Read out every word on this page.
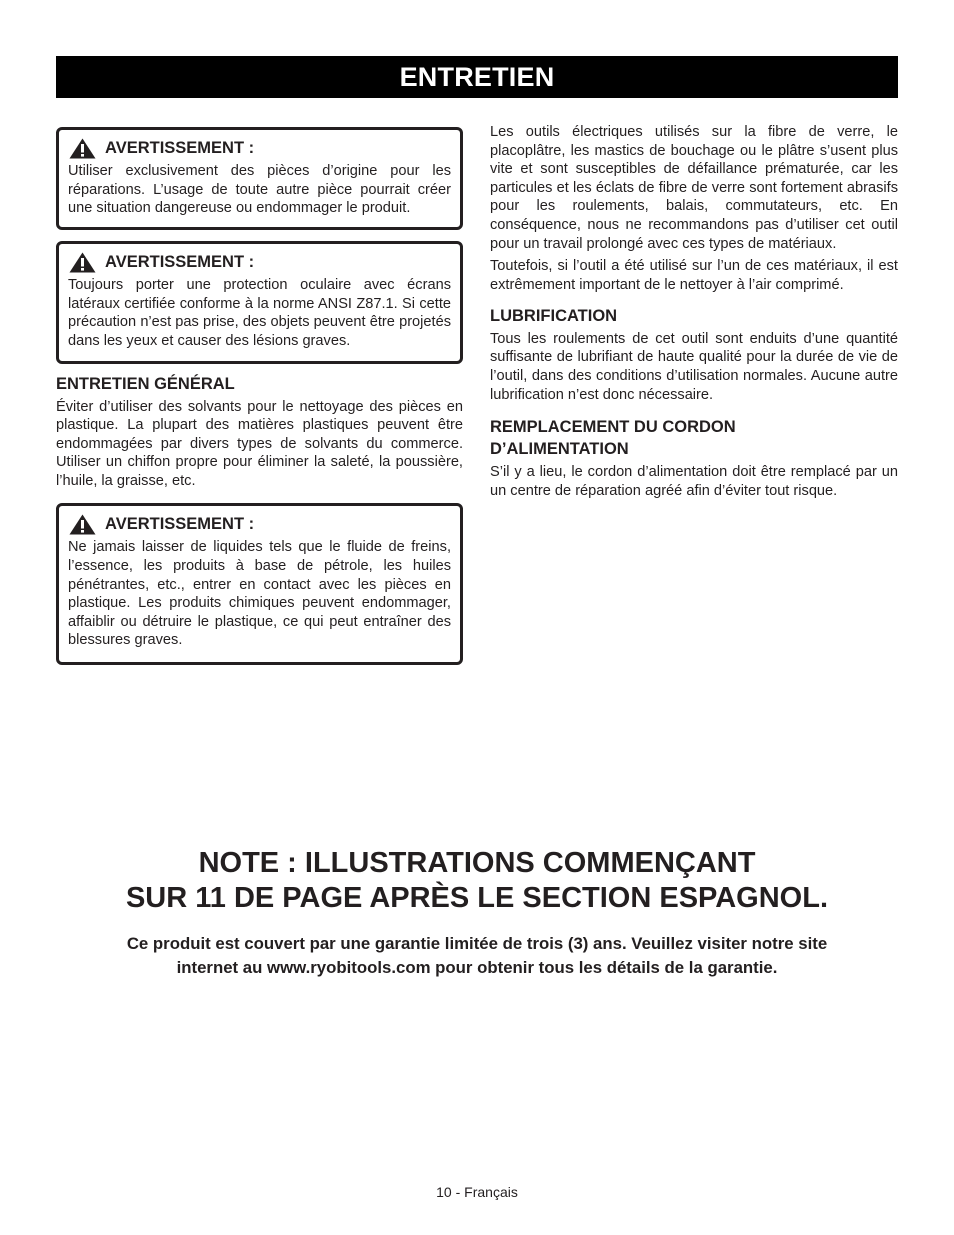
ENTRETIEN
AVERTISSEMENT :

Utiliser exclusivement des pièces d’origine pour les réparations. L’usage de toute autre pièce pourrait créer une situation dangereuse ou endommager le produit.

AVERTISSEMENT :

Toujours porter une protection oculaire avec écrans latéraux certifiée conforme à la norme ANSI Z87.1. Si cette précaution n’est pas prise, des objets peuvent être projetés dans les yeux et causer des lésions graves.

ENTRETIEN GÉNÉRAL

Éviter d’utiliser des solvants pour le nettoyage des pièces en plastique. La plupart des matières plastiques peuvent être endommagées par divers types de solvants du commerce. Utiliser un chiffon propre pour éliminer la saleté, la poussière, l’huile, la graisse, etc.

AVERTISSEMENT :

Ne jamais laisser de liquides tels que le fluide de freins, l’essence, les produits à base de pétrole, les huiles pénétrantes, etc., entrer en contact avec les pièces en plastique. Les produits chimiques peuvent endommager, affaiblir ou détruire le plastique, ce qui peut entraîner des blessures graves.

Les outils électriques utilisés sur la fibre de verre, le placoplâtre, les mastics de bouchage ou le plâtre s’usent plus vite et sont susceptibles de défaillance prématurée, car les particules et les éclats de fibre de verre sont fortement abrasifs pour les roulements, balais, commutateurs, etc. En conséquence, nous ne recommandons pas d’utiliser cet outil pour un travail prolongé avec ces types de matériaux.

Toutefois, si l’outil a été utilisé sur l’un de ces matériaux, il est extrêmement important de le nettoyer à l’air comprimé.

LUBRIFICATION

Tous les roulements de cet outil sont enduits d’une quantité suffisante de lubrifiant de haute qualité pour la durée de vie de l’outil, dans des conditions d’utilisation normales. Aucune autre lubrification n’est donc nécessaire.

REMPLACEMENT DU CORDON
D’ALIMENTATION

S’il y a lieu, le cordon d’alimentation doit être remplacé par un un centre de réparation agréé afin d’éviter tout risque.

NOTE : ILLUSTRATIONS COMMENÇANT
SUR 11 DE PAGE APRÈS LE SECTION ESPAGNOL.
Ce produit est couvert par une garantie limitée de trois (3) ans. Veuillez visiter notre site
internet au www.ryobitools.com pour obtenir tous les détails de la garantie.
10 - Français
